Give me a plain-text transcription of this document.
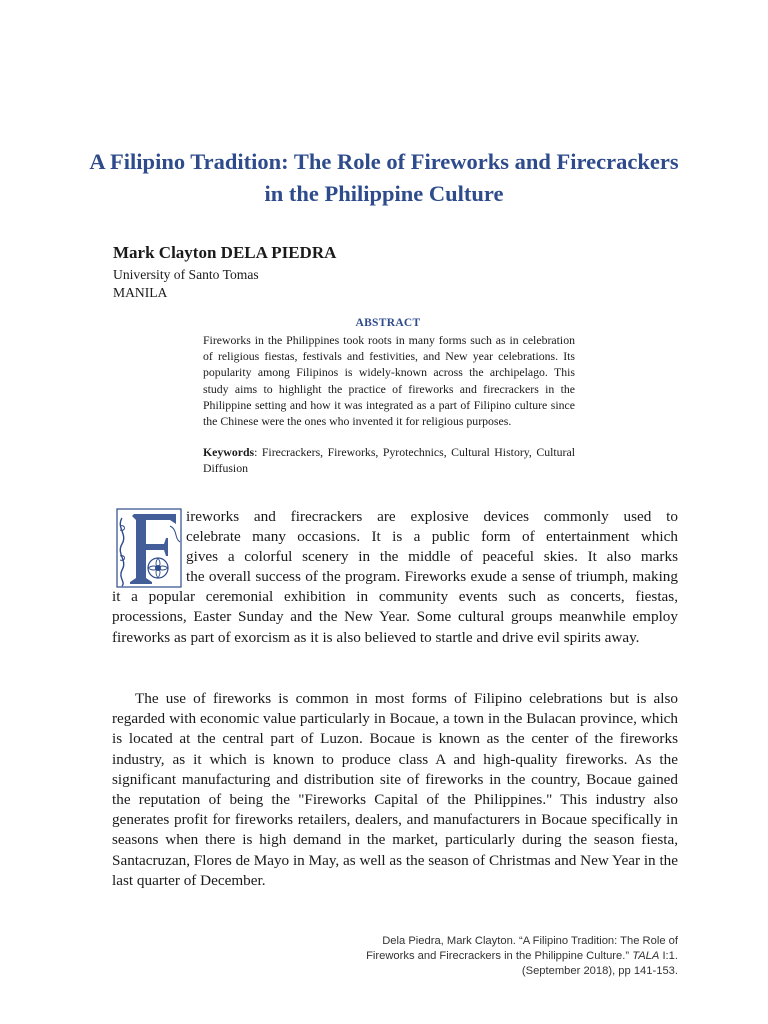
A Filipino Tradition: The Role of Fireworks and Firecrackers in the Philippine Culture
Mark Clayton DELA PIEDRA
University of Santo Tomas
MANILA
ABSTRACT
Fireworks in the Philippines took roots in many forms such as in celebration of religious fiestas, festivals and festivities, and New year celebrations. Its popularity among Filipinos is widely-known across the archipelago. This study aims to highlight the practice of fireworks and firecrackers in the Philippine setting and how it was integrated as a part of Filipino culture since the Chinese were the ones who invented it for religious purposes.
Keywords: Firecrackers, Fireworks, Pyrotechnics, Cultural History, Cultural Diffusion
ireworks and firecrackers are explosive devices commonly used to
celebrate many occasions. It is a public form of entertainment which
gives a colorful scenery in the middle of peaceful skies. It also marks
the overall success of the program. Fireworks exude a sense of triumph, making it a popular ceremonial exhibition in community events such as concerts, fiestas, processions, Easter Sunday and the New Year. Some cultural groups meanwhile employ fireworks as part of exorcism as it is also believed to startle and drive evil spirits away.

The use of fireworks is common in most forms of Filipino celebrations but is also regarded with economic value particularly in Bocaue, a town in the Bulacan province, which is located at the central part of Luzon. Bocaue is known as the center of the fireworks industry, as it which is known to produce class A and high-quality fireworks. As the significant manufacturing and distribution site of fireworks in the country, Bocaue gained the reputation of being the "Fireworks Capital of the Philippines." This industry also generates profit for fireworks retailers, dealers, and manufacturers in Bocaue specifically in seasons when there is high demand in the market, particularly during the season fiesta, Santacruzan, Flores de Mayo in May, as well as the season of Christmas and New Year in the last quarter of December.

Dela Piedra, Mark Clayton. “A Filipino Tradition: The Role of
Fireworks and Firecrackers in the Philippine Culture.” TALA I:1.
(September 2018), pp 141-153.
